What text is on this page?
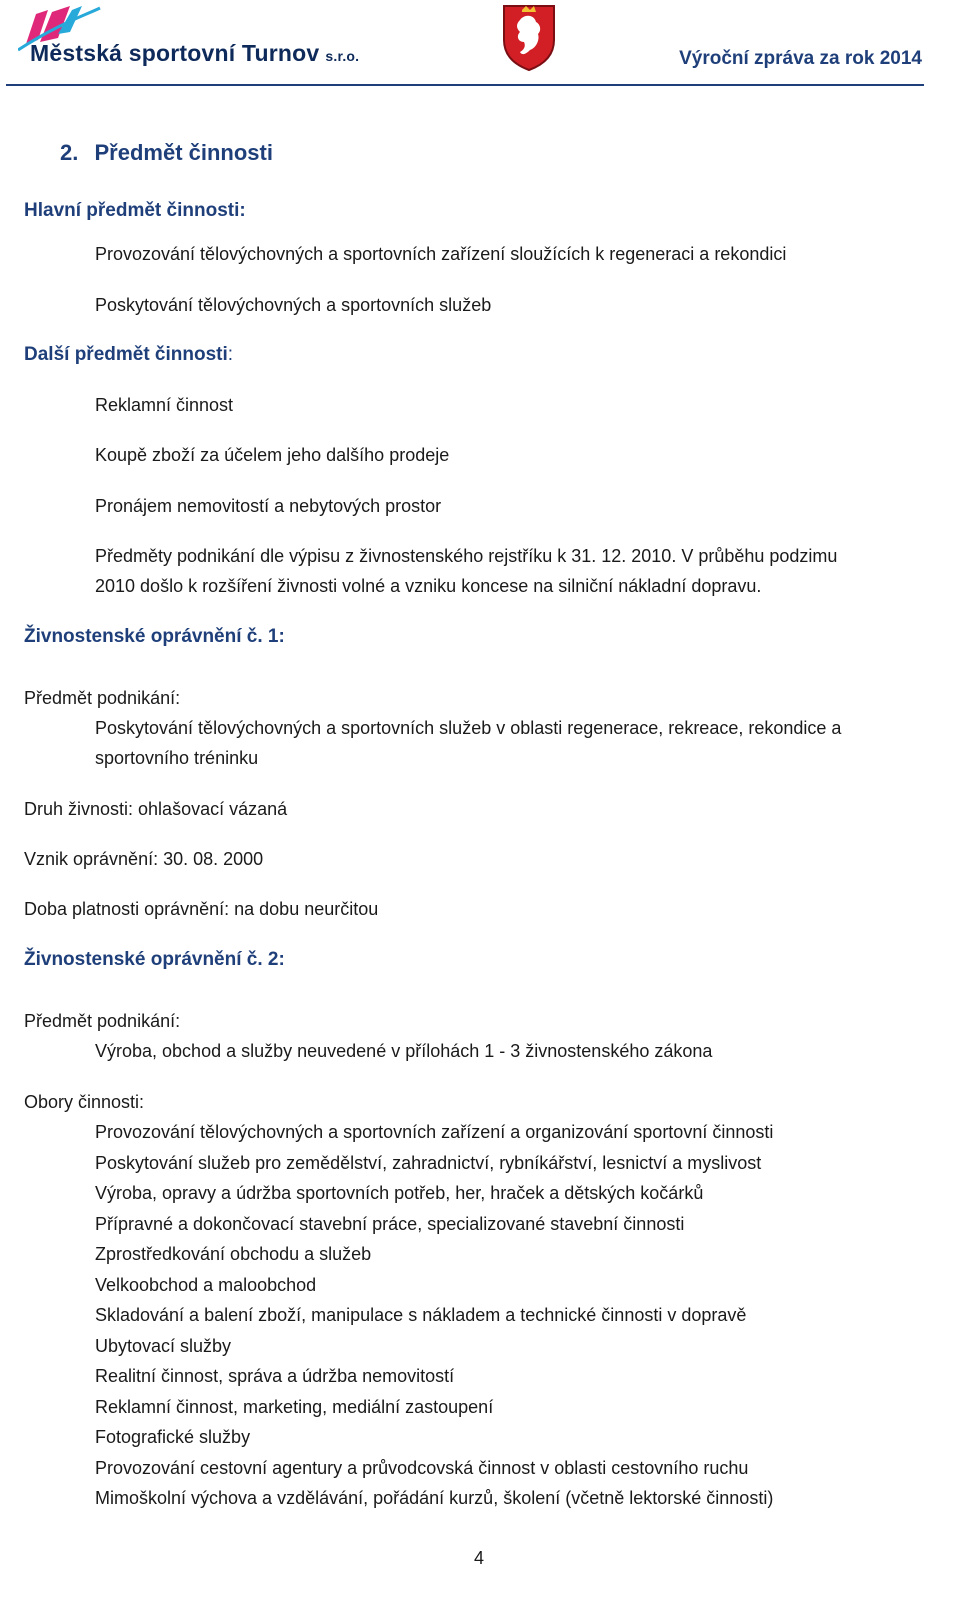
Městská sportovní Turnov s.r.o.	Výroční zpráva za rok 2014
2. Předmět činnosti
Hlavní předmět činnosti:
Provozování tělovýchovných a sportovních zařízení sloužících k regeneraci a rekondici
Poskytování tělovýchovných a sportovních služeb
Další předmět činnosti:
Reklamní činnost
Koupě zboží za účelem jeho dalšího prodeje
Pronájem nemovitostí a nebytových prostor
Předměty podnikání dle výpisu z živnostenského rejstříku k 31. 12. 2010. V průběhu podzimu
2010 došlo k rozšíření živnosti volné a vzniku koncese na silniční nákladní dopravu.
Živnostenské oprávnění č. 1:
Předmět podnikání:
Poskytování tělovýchovných a sportovních služeb v oblasti regenerace, rekreace, rekondice a
sportovního tréninku
Druh živnosti: ohlašovací vázaná
Vznik oprávnění: 30. 08. 2000
Doba platnosti oprávnění: na dobu neurčitou
Živnostenské oprávnění č. 2:
Předmět podnikání:
Výroba, obchod a služby neuvedené v přílohách 1 - 3 živnostenského zákona
Obory činnosti:
Provozování tělovýchovných a sportovních zařízení a organizování sportovní činnosti
Poskytování služeb pro zemědělství, zahradnictví, rybníkářství, lesnictví a myslivost
Výroba, opravy a údržba sportovních potřeb, her, hraček a dětských kočárků
Přípravné a dokončovací stavební práce, specializované stavební činnosti
Zprostředkování obchodu a služeb
Velkoobchod a maloobchod
Skladování a balení zboží, manipulace s nákladem a technické činnosti v dopravě
Ubytovací služby
Realitní činnost, správa a údržba nemovitostí
Reklamní činnost, marketing, mediální zastoupení
Fotografické služby
Provozování cestovní agentury a průvodcovská činnost v oblasti cestovního ruchu
Mimoškolní výchova a vzdělávání, pořádání kurzů, školení (včetně lektorské činnosti)
4
